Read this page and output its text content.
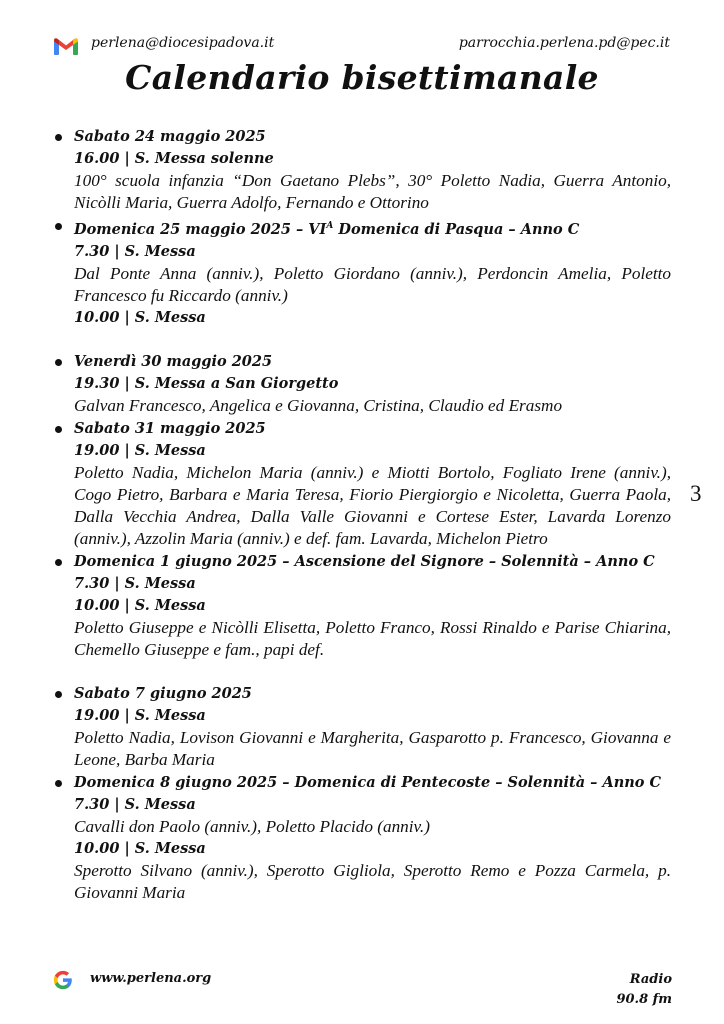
perlena@diocesipadova.it	parrocchia.perlena.pd@pec.it
Calendario bisettimanale
Sabato 24 maggio 2025
16.00 | S. Messa solenne

100° scuola infanzia “Don Gaetano Plebs”, 30° Poletto Nadia, Guerra Antonio, Nicòlli Maria, Guerra Adolfo, Fernando e Ottorino

Domenica 25 maggio $2025 - VI^A$ Domenica di Pasqua – Anno C
7.30 | S. Messa

Dal Ponte Anna (anniv.), Poletto Giordano (anniv.), Perdoncin Amelia, Poletto Francesco fu Riccardo (anniv.)

10.00 | S. Messa
Venerdì 30 maggio 2025
19.30 | S. Messa a San Giorgetto

Galvan Francesco, Angelica e Giovanna, Cristina, Claudio ed Erasmo

Sabato 31 maggio 2025
19.00 | S. Messa

Poletto Nadia, Michelon Maria (anniv.) e Miotti Bortolo, Fogliato Irene (anniv.), Cogo Pietro, Barbara e Maria Teresa, Fiorio Piergiorgio e Nicoletta, Guerra Paola, Dalla Vecchia Andrea, Dalla Valle Giovanni e Cortese Ester, Lavarda Lorenzo (anniv.), Azzolin Maria (anniv.) e def. fam. Lavarda, Michelon Pietro

Domenica 1 giugno 2025 – Ascensione del Signore – Solennità – Anno C
7.30 | S. Messa
10.00 | S. Messa

Poletto Giuseppe e Nicòlli Elisetta, Poletto Franco, Rossi Rinaldo e Parise Chiarina, Chemello Giuseppe e fam., papi def.

Sabato 7 giugno 2025
19.00 | S. Messa

Poletto Nadia, Lovison Giovanni e Margherita, Gasparotto p. Francesco, Giovanna e Leone, Barba Maria

Domenica 8 giugno 2025 – Domenica di Pentecoste – Solennità – Anno C
7.30 | S. Messa

Cavalli don Paolo (anniv.), Poletto Placido (anniv.)

10.00 | S. Messa

Sperotto Silvano (anniv.), Sperotto Gigliola, Sperotto Remo e Pozza Carmela, p. Giovanni Maria

3
www.perlena.org	Radio
90.8 fm
